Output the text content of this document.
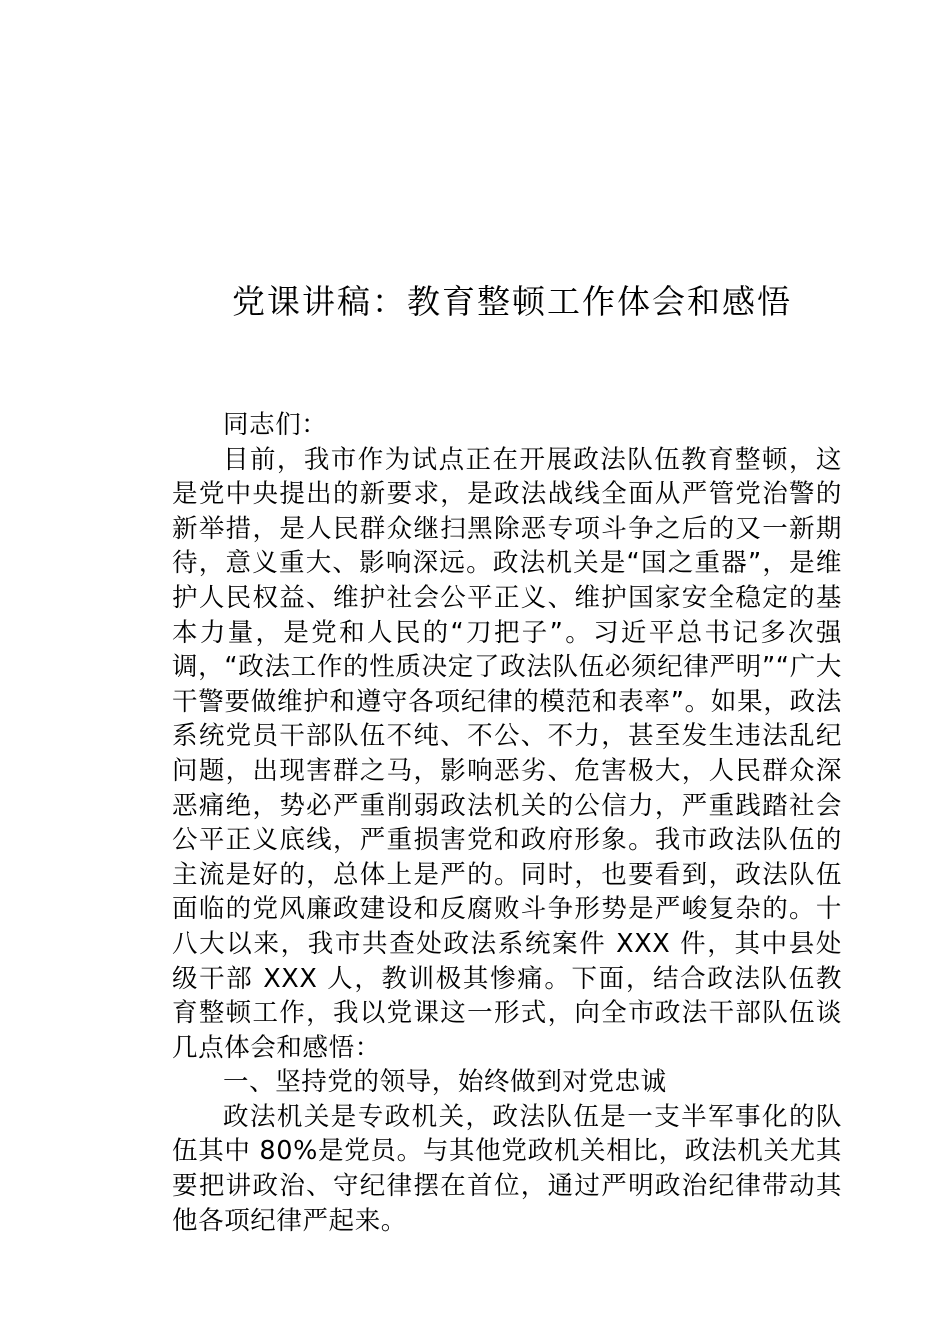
党课讲稿：教育整顿工作体会和感悟

同志们：

目前，我市作为试点正在开展政法队伍教育整顿，这是党中央提出的新要求，是政法战线全面从严管党治警的新举措，是人民群众继扫黑除恶专项斗争之后的又一新期待，意义重大、影响深远。政法机关是“国之重器”，是维护人民权益、维护社会公平正义、维护国家安全稳定的基本力量，是党和人民的“刀把子”。习近平总书记多次强调，“政法工作的性质决定了政法队伍必须纪律严明”“广大干警要做维护和遵守各项纪律的模范和表率”。如果，政法系统党员干部队伍不纯、不公、不力，甚至发生违法乱纪问题，出现害群之马，影响恶劣、危害极大，人民群众深恶痛绝，势必严重削弱政法机关的公信力，严重践踏社会公平正义底线，严重损害党和政府形象。我市政法队伍的主流是好的，总体上是严的。同时，也要看到，政法队伍面临的党风廉政建设和反腐败斗争形势是严峻复杂的。十八大以来，我市共查处政法系统案件 XXX 件，其中县处级干部 XXX 人，教训极其惨痛。下面，结合政法队伍教育整顿工作，我以党课这一形式，向全市政法干部队伍谈几点体会和感悟：

一、坚持党的领导，始终做到对党忠诚

政法机关是专政机关，政法队伍是一支半军事化的队伍其中 80%是党员。与其他党政机关相比，政法机关尤其要把讲政治、守纪律摆在首位，通过严明政治纪律带动其他各项纪律严起来。
